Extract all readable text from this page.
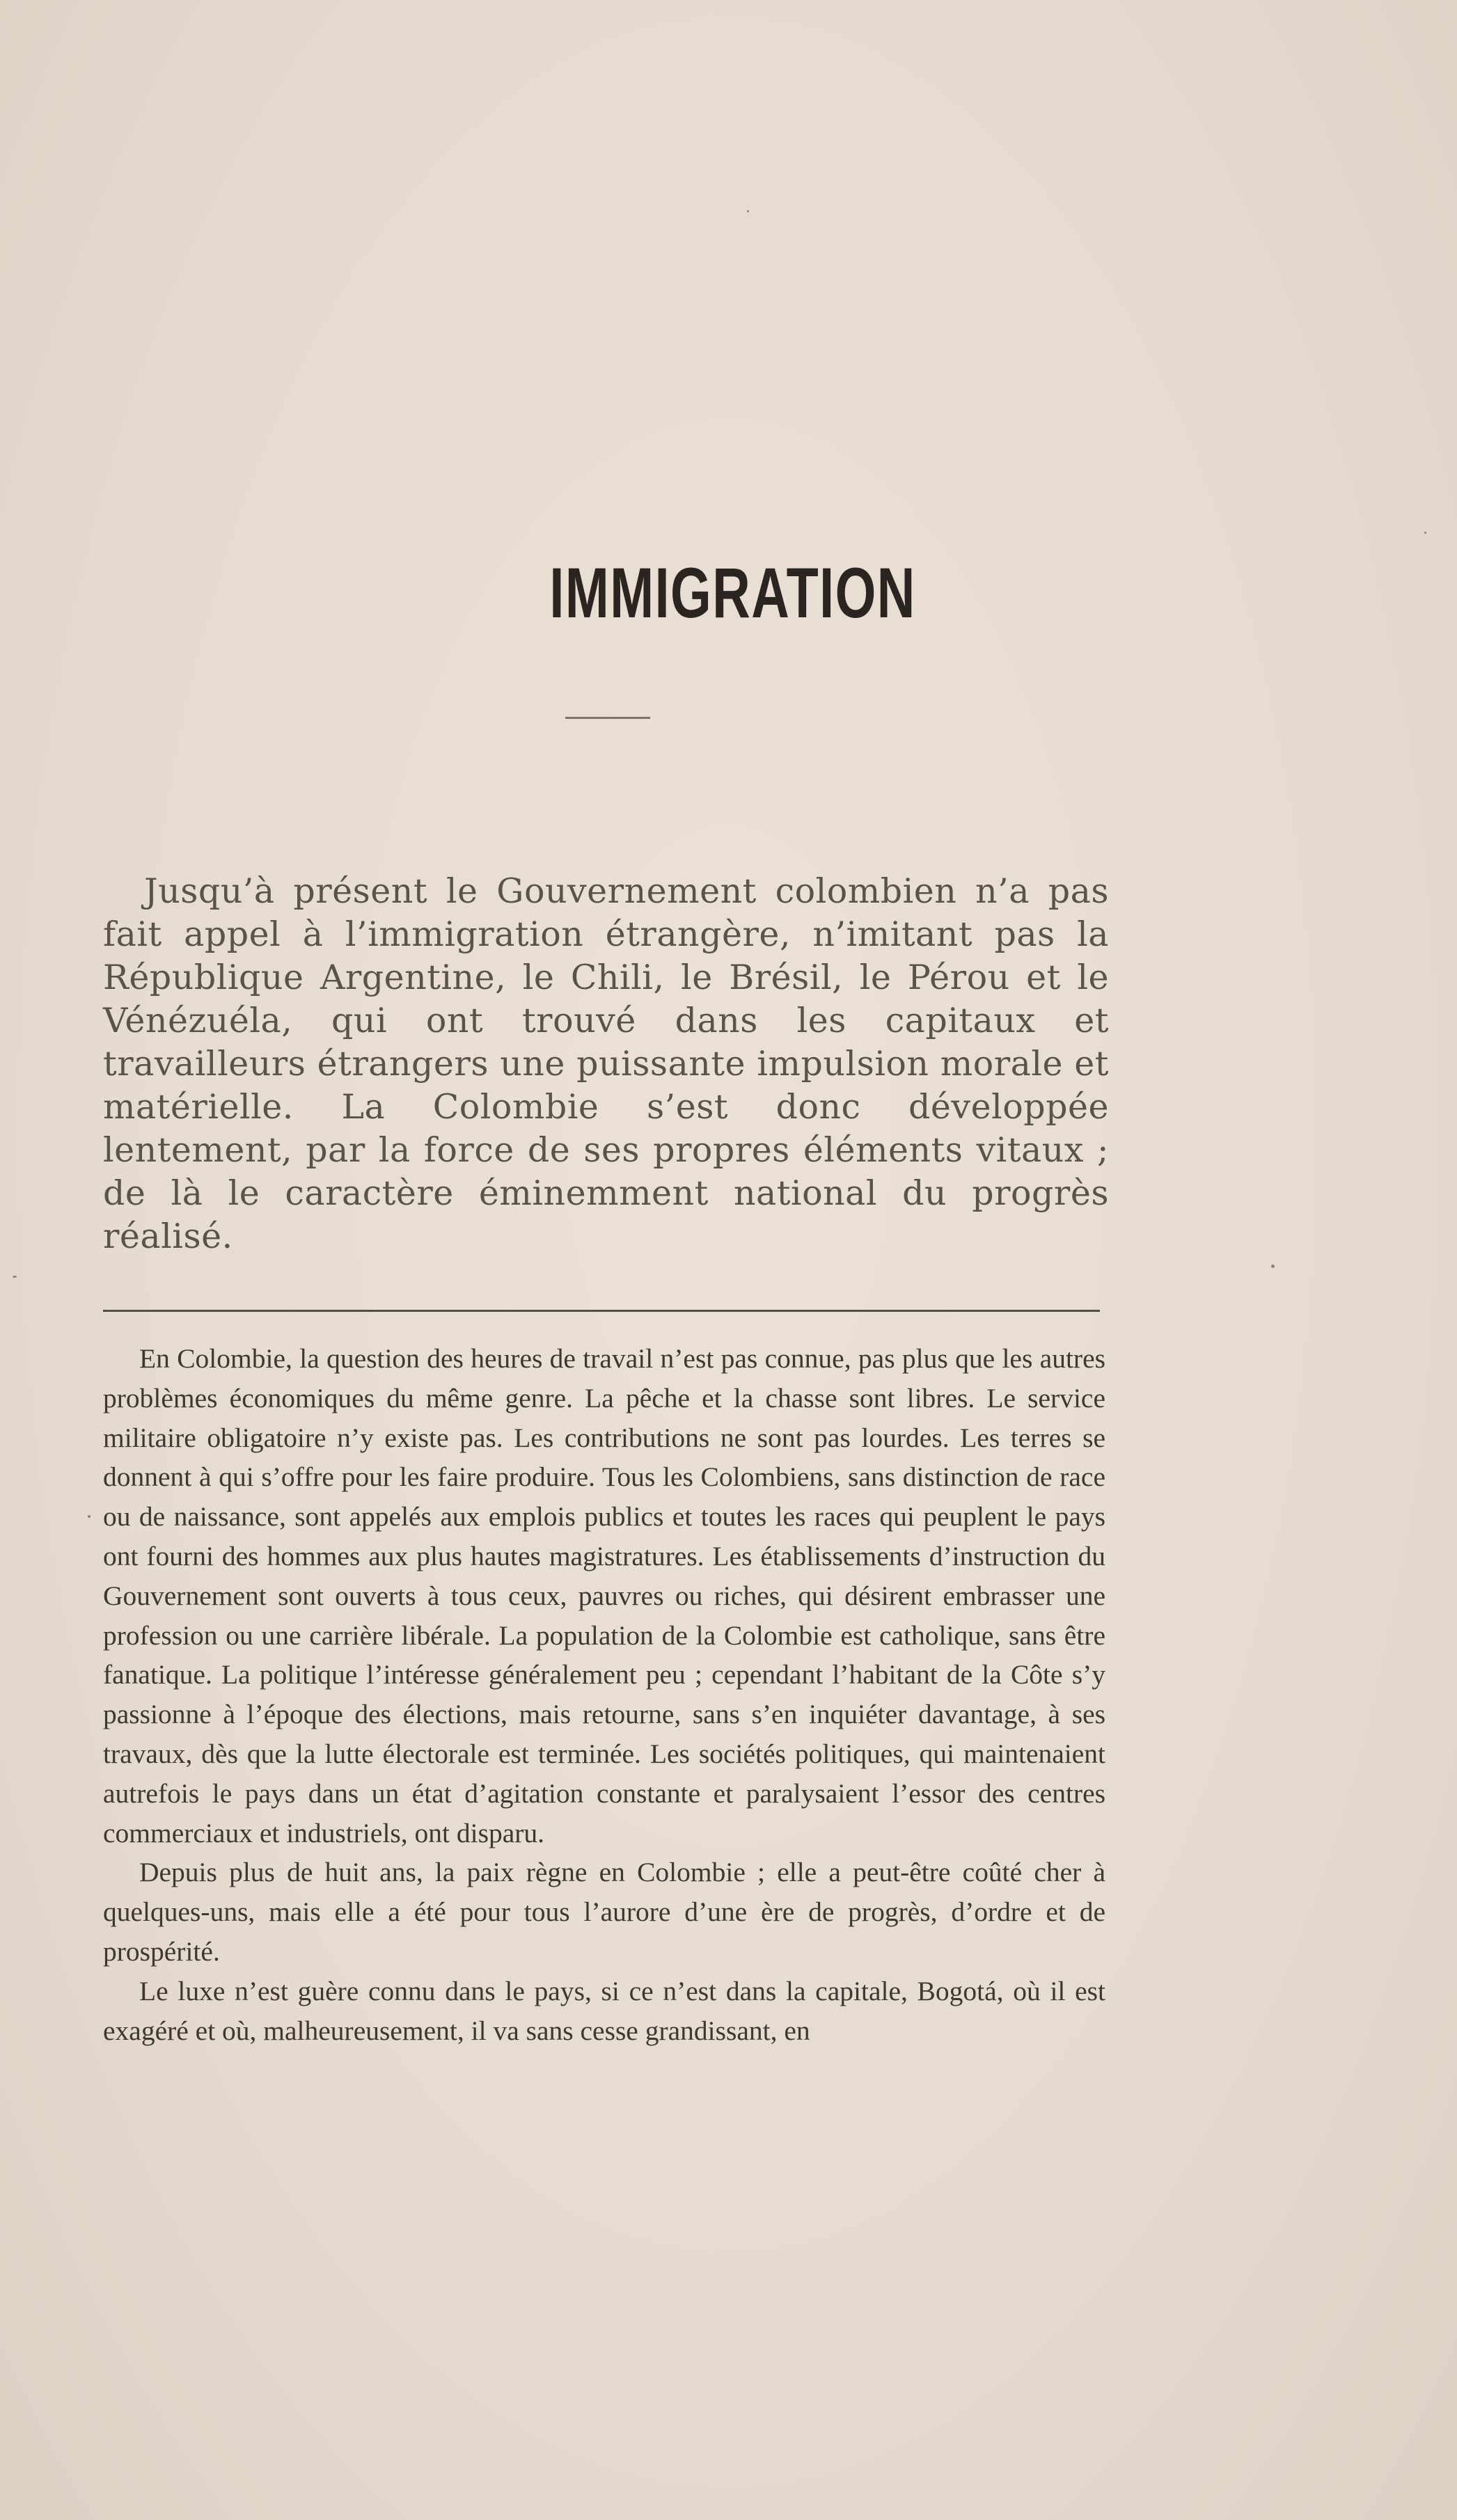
IMMIGRATION

Jusqu’à présent le Gouvernement colombien n’a pas fait appel à l’immigration étrangère, n’imitant pas la République Argentine, le Chili, le Brésil, le Pérou et le Vénézuéla, qui ont trouvé dans les capitaux et travailleurs étrangers une puissante impulsion morale et matérielle. La Colombie s’est donc développée lentement, par la force de ses propres éléments vitaux ; de là le caractère éminemment national du progrès réalisé.

En Colombie, la question des heures de travail n’est pas connue, pas plus que les autres problèmes économiques du même genre. La pêche et la chasse sont libres. Le service militaire obligatoire n’y existe pas. Les contributions ne sont pas lourdes. Les terres se donnent à qui s’offre pour les faire produire. Tous les Colombiens, sans distinction de race ou de naissance, sont appelés aux emplois publics et toutes les races qui peuplent le pays ont fourni des hommes aux plus hautes magistratures. Les établissements d’instruction du Gouvernement sont ouverts à tous ceux, pauvres ou riches, qui désirent embrasser une profession ou une carrière libérale. La population de la Colombie est catholique, sans être fanatique. La politique l’intéresse généralement peu ; cependant l’habitant de la Côte s’y passionne à l’époque des élections, mais retourne, sans s’en inquiéter davantage, à ses travaux, dès que la lutte électorale est terminée. Les sociétés politiques, qui maintenaient autrefois le pays dans un état d’agitation constante et paralysaient l’essor des centres commerciaux et industriels, ont disparu.

Depuis plus de huit ans, la paix règne en Colombie ; elle a peut-être coûté cher à quelques-uns, mais elle a été pour tous l’aurore d’une ère de progrès, d’ordre et de prospérité.

Le luxe n’est guère connu dans le pays, si ce n’est dans la capitale, Bogotá, où il est exagéré et où, malheureusement, il va sans cesse grandissant, en
